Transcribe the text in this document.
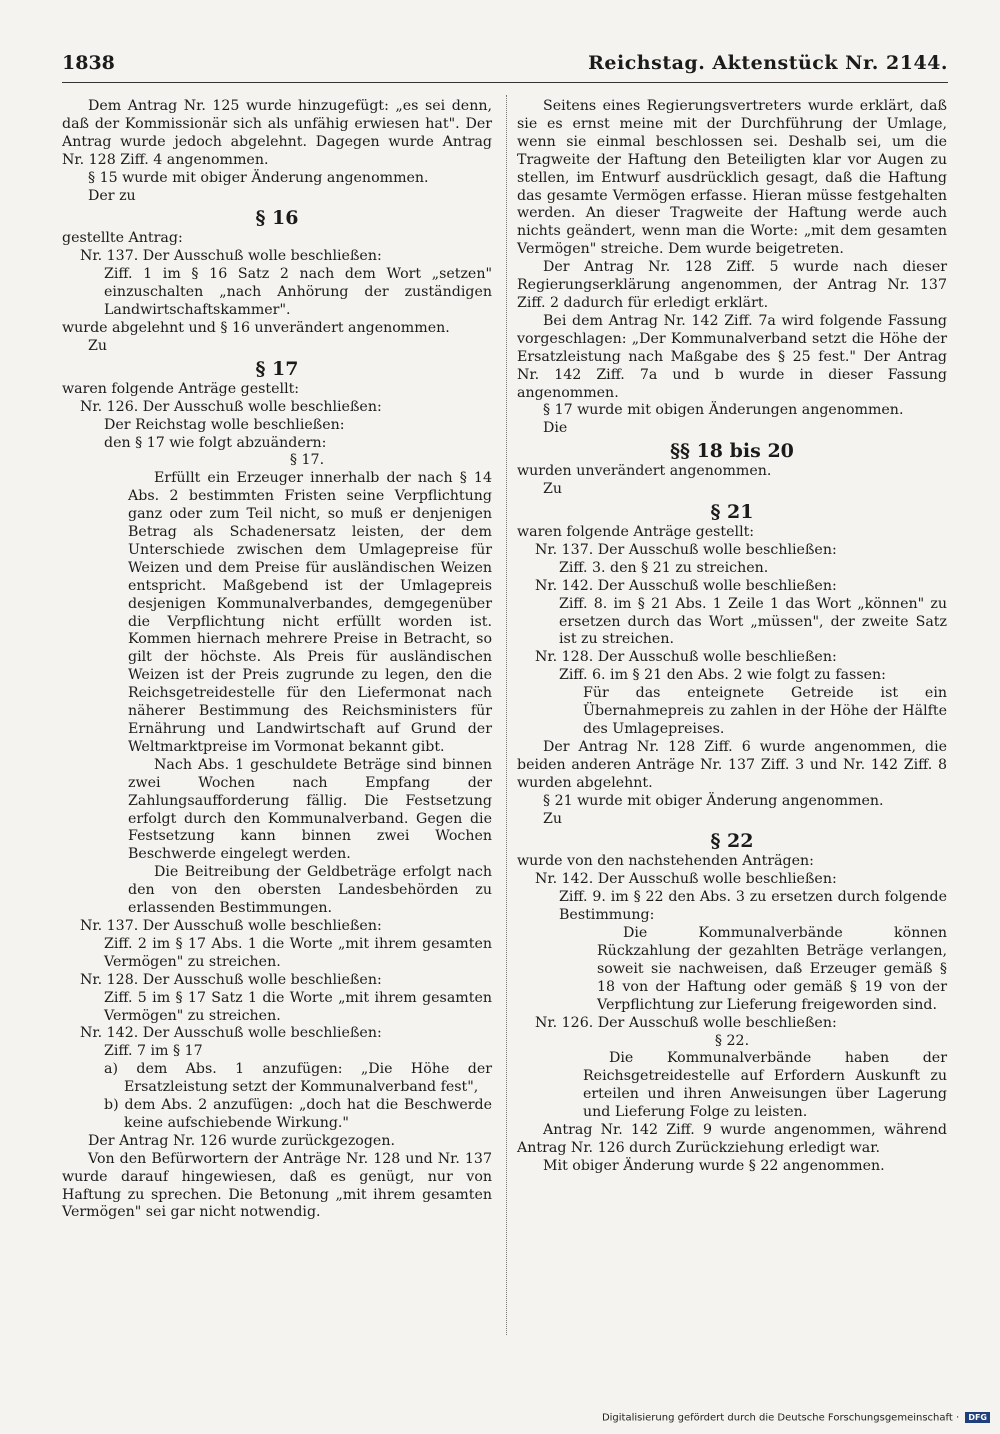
1838	Reichstag. Aktenstück Nr. 2144.

Dem Antrag Nr. 125 wurde hinzugefügt: „es sei denn, daß der Kommissionär sich als unfähig erwiesen hat". Der Antrag wurde jedoch abgelehnt. Dagegen wurde Antrag Nr. 128 Ziff. 4 angenommen.

§ 15 wurde mit obiger Änderung angenommen.

Der zu

§ 16

gestellte Antrag:

Nr. 137. Der Ausschuß wolle beschließen:

Ziff. 1 im § 16 Satz 2 nach dem Wort „setzen" einzuschalten „nach Anhörung der zuständigen Landwirtschaftskammer".

wurde abgelehnt und § 16 unverändert angenommen.

Zu

§ 17

waren folgende Anträge gestellt:

Nr. 126. Der Ausschuß wolle beschließen:

Der Reichstag wolle beschließen:

den § 17 wie folgt abzuändern:

§ 17.

Erfüllt ein Erzeuger innerhalb der nach § 14 Abs. 2 bestimmten Fristen seine Verpflichtung ganz oder zum Teil nicht, so muß er denjenigen Betrag als Schadenersatz leisten, der dem Unterschiede zwischen dem Umlagepreise für Weizen und dem Preise für ausländischen Weizen entspricht. Maßgebend ist der Umlagepreis desjenigen Kommunalverbandes, demgegenüber die Verpflichtung nicht erfüllt worden ist. Kommen hiernach mehrere Preise in Betracht, so gilt der höchste. Als Preis für ausländischen Weizen ist der Preis zugrunde zu legen, den die Reichsgetreidestelle für den Liefermonat nach näherer Bestimmung des Reichsministers für Ernährung und Landwirtschaft auf Grund der Weltmarktpreise im Vormonat bekannt gibt.

Nach Abs. 1 geschuldete Beträge sind binnen zwei Wochen nach Empfang der Zahlungsaufforderung fällig. Die Festsetzung erfolgt durch den Kommunalverband. Gegen die Festsetzung kann binnen zwei Wochen Beschwerde eingelegt werden.

Die Beitreibung der Geldbeträge erfolgt nach den von den obersten Landesbehörden zu erlassenden Bestimmungen.

Nr. 137. Der Ausschuß wolle beschließen:

Ziff. 2 im § 17 Abs. 1 die Worte „mit ihrem gesamten Vermögen" zu streichen.

Nr. 128. Der Ausschuß wolle beschließen:

Ziff. 5 im § 17 Satz 1 die Worte „mit ihrem gesamten Vermögen" zu streichen.

Nr. 142. Der Ausschuß wolle beschließen:

Ziff. 7 im § 17

a) dem Abs. 1 anzufügen: „Die Höhe der Ersatzleistung setzt der Kommunalverband fest",

b) dem Abs. 2 anzufügen: „doch hat die Beschwerde keine aufschiebende Wirkung."

Der Antrag Nr. 126 wurde zurückgezogen.

Von den Befürwortern der Anträge Nr. 128 und Nr. 137 wurde darauf hingewiesen, daß es genügt, nur von Haftung zu sprechen. Die Betonung „mit ihrem gesamten Vermögen" sei gar nicht notwendig.

Seitens eines Regierungsvertreters wurde erklärt, daß sie es ernst meine mit der Durchführung der Umlage, wenn sie einmal beschlossen sei. Deshalb sei, um die Tragweite der Haftung den Beteiligten klar vor Augen zu stellen, im Entwurf ausdrücklich gesagt, daß die Haftung das gesamte Vermögen erfasse. Hieran müsse festgehalten werden. An dieser Tragweite der Haftung werde auch nichts geändert, wenn man die Worte: „mit dem gesamten Vermögen" streiche. Dem wurde beigetreten.

Der Antrag Nr. 128 Ziff. 5 wurde nach dieser Regierungserklärung angenommen, der Antrag Nr. 137 Ziff. 2 dadurch für erledigt erklärt.

Bei dem Antrag Nr. 142 Ziff. 7a wird folgende Fassung vorgeschlagen: „Der Kommunalverband setzt die Höhe der Ersatzleistung nach Maßgabe des § 25 fest." Der Antrag Nr. 142 Ziff. 7a und b wurde in dieser Fassung angenommen.

§ 17 wurde mit obigen Änderungen angenommen.

Die

§§ 18 bis 20

wurden unverändert angenommen.

Zu

§ 21

waren folgende Anträge gestellt:

Nr. 137. Der Ausschuß wolle beschließen:

Ziff. 3. den § 21 zu streichen.

Nr. 142. Der Ausschuß wolle beschließen:

Ziff. 8. im § 21 Abs. 1 Zeile 1 das Wort „können" zu ersetzen durch das Wort „müssen", der zweite Satz ist zu streichen.

Nr. 128. Der Ausschuß wolle beschließen:

Ziff. 6. im § 21 den Abs. 2 wie folgt zu fassen:

Für das enteignete Getreide ist ein Übernahmepreis zu zahlen in der Höhe der Hälfte des Umlagepreises.

Der Antrag Nr. 128 Ziff. 6 wurde angenommen, die beiden anderen Anträge Nr. 137 Ziff. 3 und Nr. 142 Ziff. 8 wurden abgelehnt.

§ 21 wurde mit obiger Änderung angenommen.

Zu

§ 22

wurde von den nachstehenden Anträgen:

Nr. 142. Der Ausschuß wolle beschließen:

Ziff. 9. im § 22 den Abs. 3 zu ersetzen durch folgende Bestimmung:

Die Kommunalverbände können Rückzahlung der gezahlten Beträge verlangen, soweit sie nachweisen, daß Erzeuger gemäß § 18 von der Haftung oder gemäß § 19 von der Verpflichtung zur Lieferung freigeworden sind.

Nr. 126. Der Ausschuß wolle beschließen:

§ 22.

Die Kommunalverbände haben der Reichsgetreidestelle auf Erfordern Auskunft zu erteilen und ihren Anweisungen über Lagerung und Lieferung Folge zu leisten.

Antrag Nr. 142 Ziff. 9 wurde angenommen, während Antrag Nr. 126 durch Zurückziehung erledigt war.

Mit obiger Änderung wurde § 22 angenommen.

Digitalisierung gefördert durch die Deutsche Forschungsgemeinschaft · DFG
